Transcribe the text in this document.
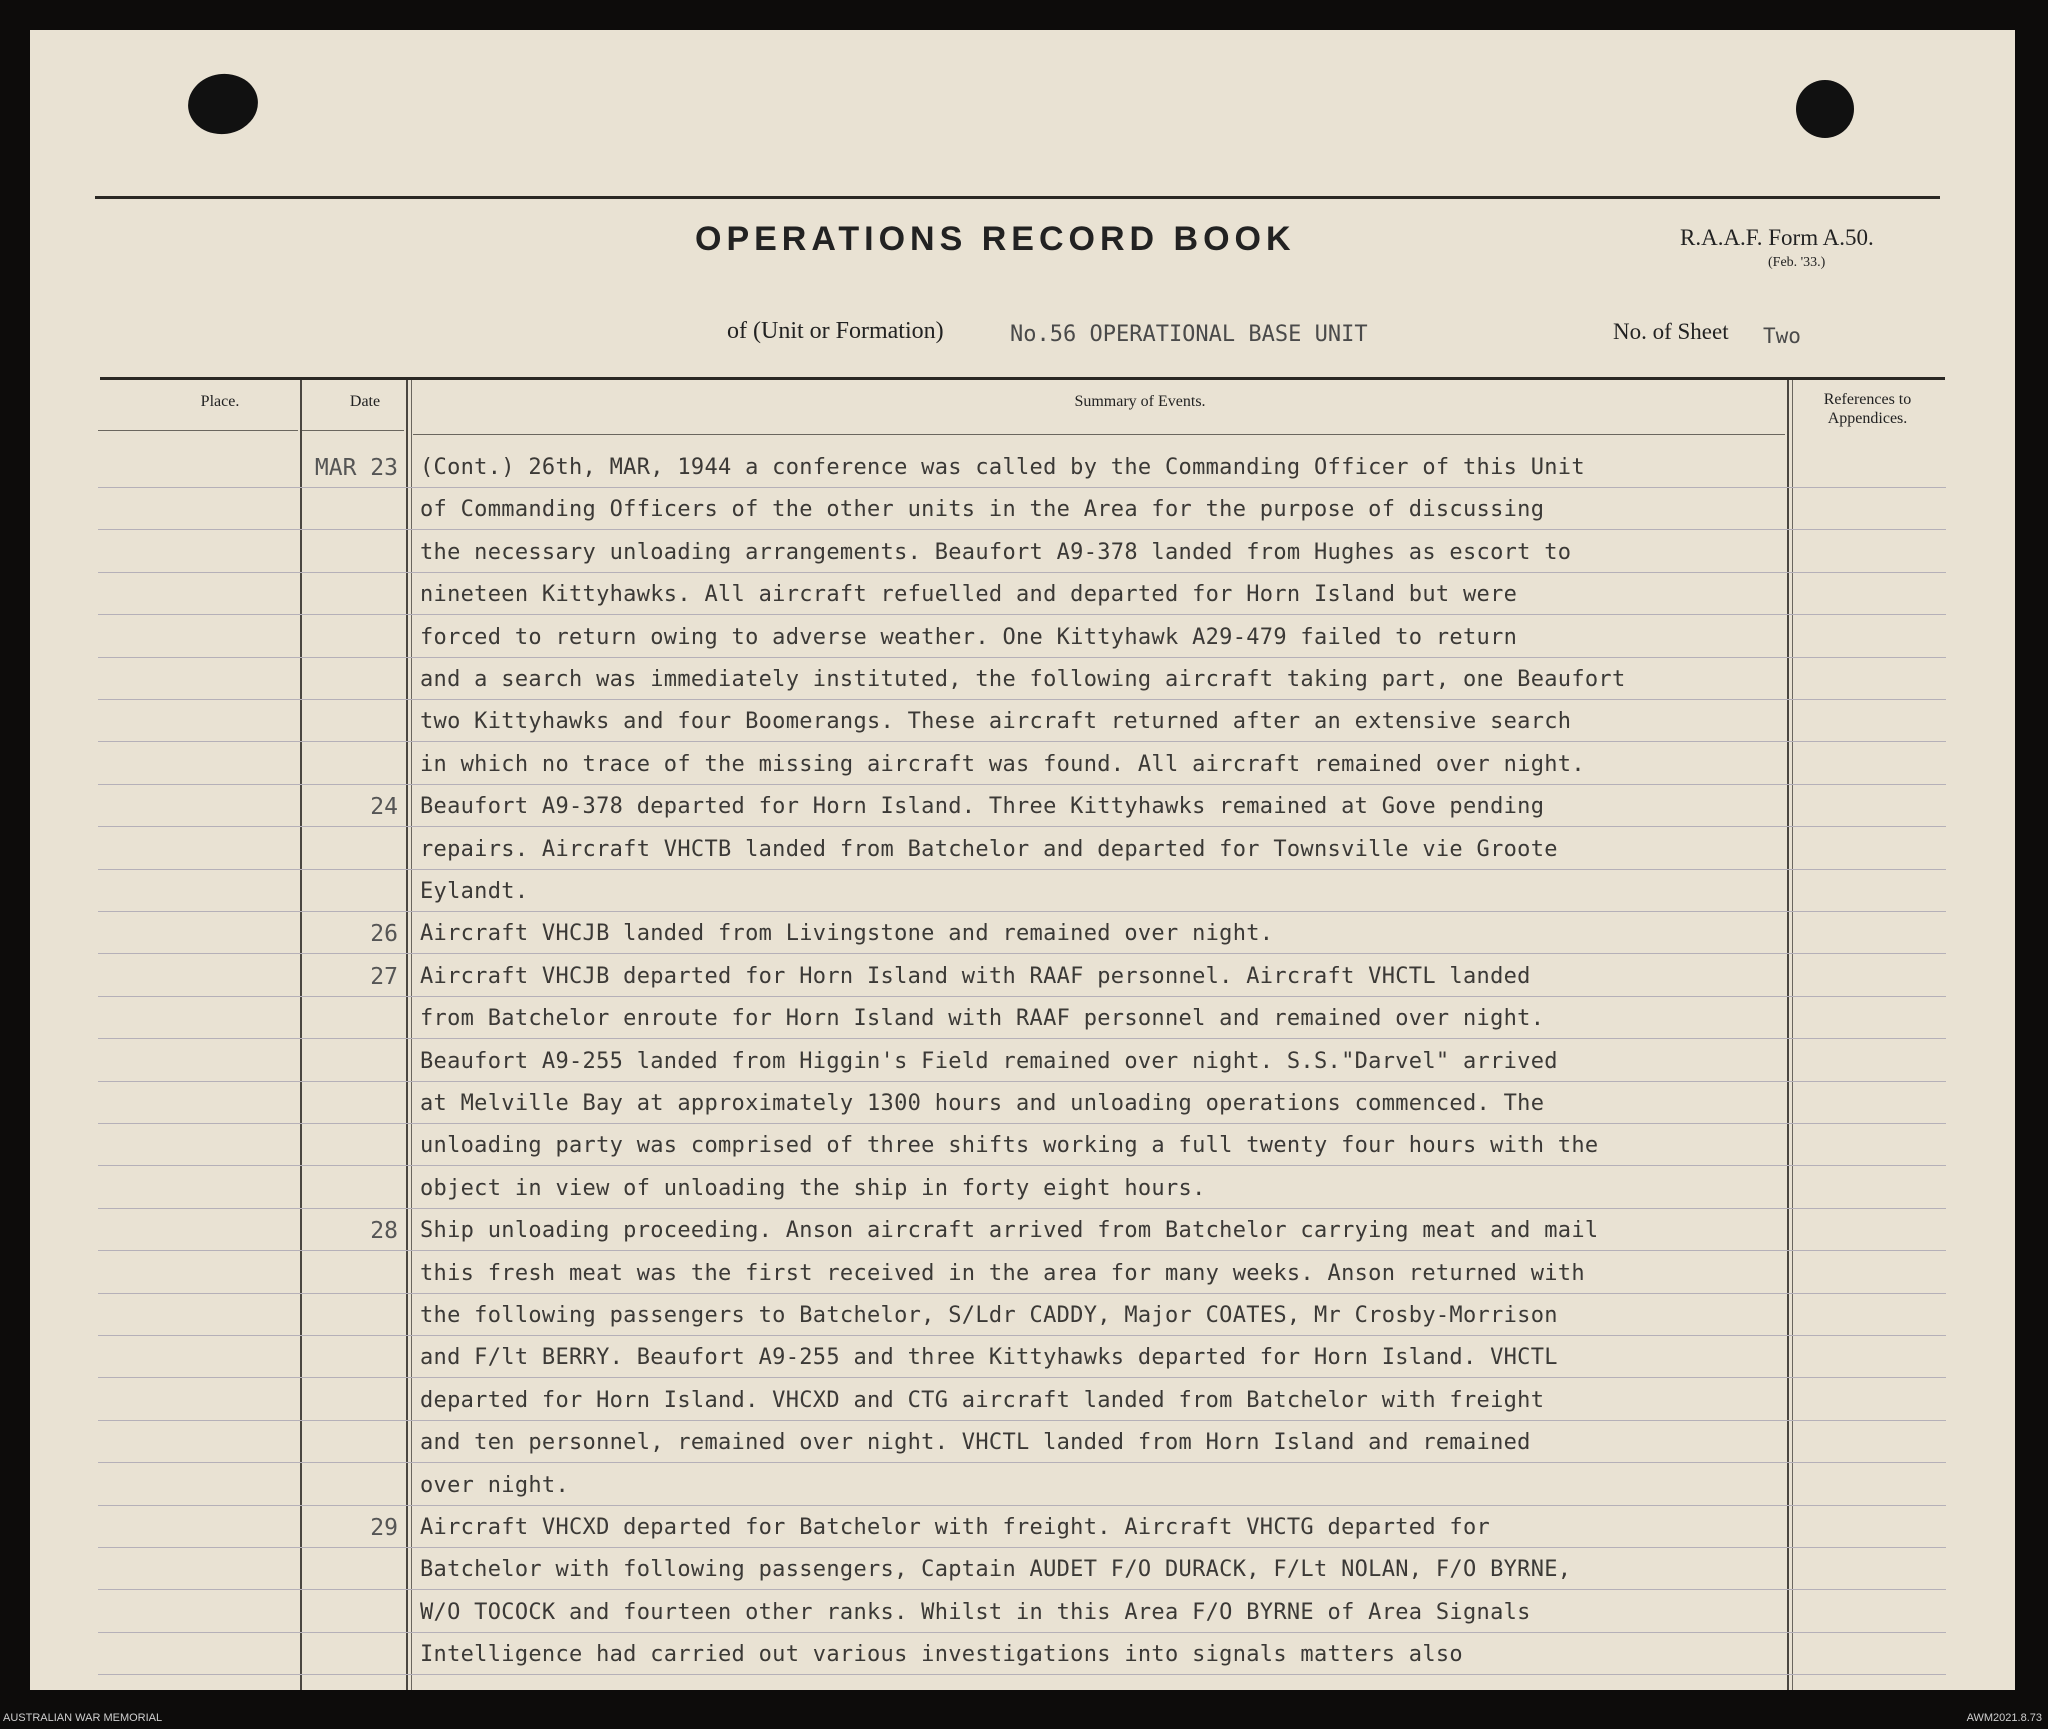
OPERATIONS RECORD BOOK	R.A.A.F. Form A.50.
(Feb. '33.)
of (Unit or Formation)	No.56 OPERATIONAL BASE UNIT	No. of Sheet Two
Place.	Date	Summary of Events.	References to Appendices.
MAR 23 (Cont.) 26th, MAR, 1944 a conference was called by the Commanding Officer of this Unit
of Commanding Officers of the other units in the Area for the purpose of discussing
the necessary unloading arrangements. Beaufort A9-378 landed from Hughes as escort to
nineteen Kittyhawks. All aircraft refuelled and departed for Horn Island but were
forced to return owing to adverse weather. One Kittyhawk A29-479 failed to return
and a search was immediately instituted, the following aircraft taking part, one Beaufort
two Kittyhawks and four Boomerangs. These aircraft returned after an extensive search
in which no trace of the missing aircraft was found. All aircraft remained over night.
24 Beaufort A9-378 departed for Horn Island. Three Kittyhawks remained at Gove pending
repairs. Aircraft VHCTB landed from Batchelor and departed for Townsville vie Groote
Eylandt.
26 Aircraft VHCJB landed from Livingstone and remained over night.
27 Aircraft VHCJB departed for Horn Island with RAAF personnel. Aircraft VHCTL landed
from Batchelor enroute for Horn Island with RAAF personnel and remained over night.
Beaufort A9-255 landed from Higgin's Field remained over night. S.S."Darvel" arrived
at Melville Bay at approximately 1300 hours and unloading operations commenced. The
unloading party was comprised of three shifts working a full twenty four hours with the
object in view of unloading the ship in forty eight hours.
28 Ship unloading proceeding. Anson aircraft arrived from Batchelor carrying meat and mail
this fresh meat was the first received in the area for many weeks. Anson returned with
the following passengers to Batchelor, S/Ldr CADDY, Major COATES, Mr Crosby-Morrison
and F/lt BERRY. Beaufort A9-255 and three Kittyhawks departed for Horn Island. VHCTL
departed for Horn Island. VHCXD and CTG aircraft landed from Batchelor with freight
and ten personnel, remained over night. VHCTL landed from Horn Island and remained
over night.
29 Aircraft VHCXD departed for Batchelor with freight. Aircraft VHCTG departed for
Batchelor with following passengers, Captain AUDET F/O DURACK, F/Lt NOLAN, F/O BYRNE,
W/O TOCOCK and fourteen other ranks. Whilst in this Area F/O BYRNE of Area Signals
Intelligence had carried out various investigations into signals matters also
AUSTRALIAN WAR MEMORIAL	AWM2021.8.73
